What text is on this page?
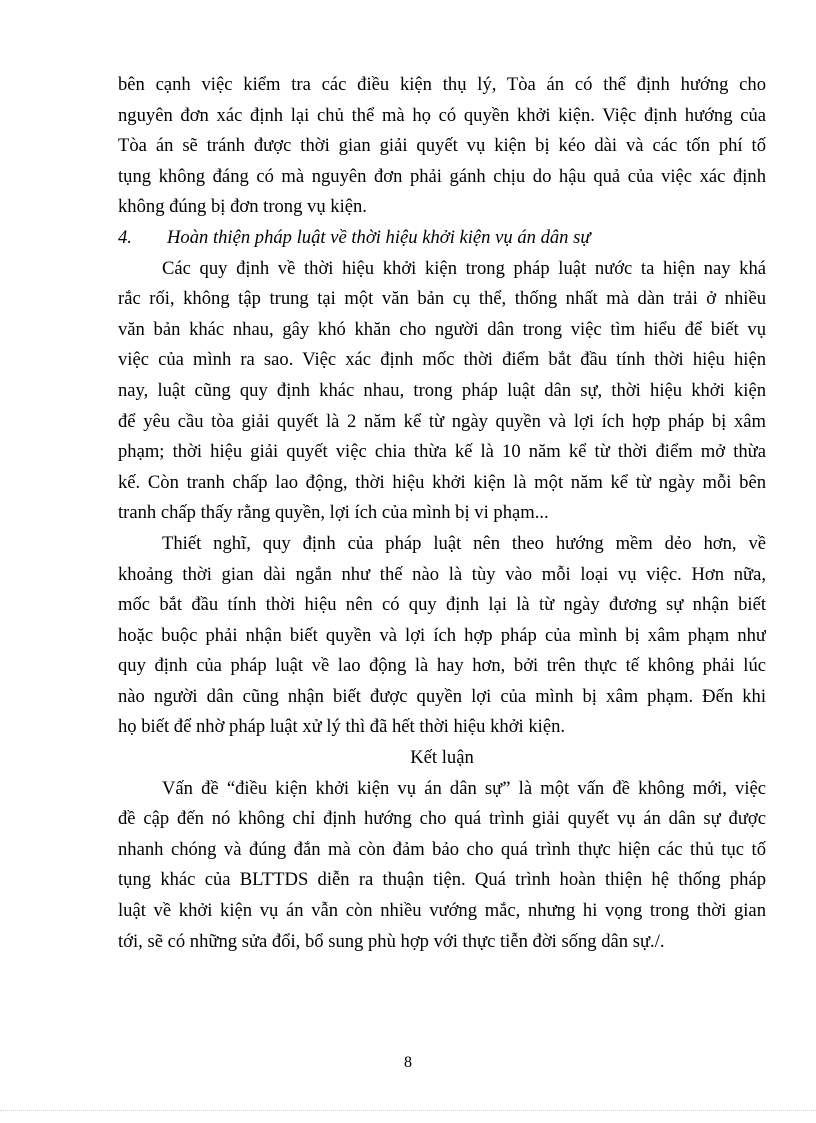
bên cạnh việc kiểm tra các điều kiện thụ lý, Tòa án có thể định hướng cho
nguyên đơn xác định lại chủ thể mà họ có quyền khởi kiện. Việc định hướng của
Tòa án sẽ tránh được thời gian giải quyết vụ kiện bị kéo dài và các tốn phí tố
tụng không đáng có mà nguyên đơn phải gánh chịu do hậu quả của việc xác định
không đúng bị đơn trong vụ kiện.
4. Hoàn thiện pháp luật về thời hiệu khởi kiện vụ án dân sự
Các quy định về thời hiệu khởi kiện trong pháp luật nước ta hiện nay khá
rắc rối, không tập trung tại một văn bản cụ thể, thống nhất mà dàn trải ở nhiều
văn bản khác nhau, gây khó khăn cho người dân trong việc tìm hiểu để biết vụ
việc của mình ra sao. Việc xác định mốc thời điểm bắt đầu tính thời hiệu hiện
nay, luật cũng quy định khác nhau, trong pháp luật dân sự, thời hiệu khởi kiện
để yêu cầu tòa giải quyết là 2 năm kể từ ngày quyền và lợi ích hợp pháp bị xâm
phạm; thời hiệu giải quyết việc chia thừa kế là 10 năm kể từ thời điểm mở thừa
kế. Còn tranh chấp lao động, thời hiệu khởi kiện là một năm kể từ ngày mỗi bên
tranh chấp thấy rằng quyền, lợi ích của mình bị vi phạm...
Thiết nghĩ, quy định của pháp luật nên theo hướng mềm dẻo hơn, về
khoảng thời gian dài ngắn như thế nào là tùy vào mỗi loại vụ việc. Hơn nữa,
mốc bắt đầu tính thời hiệu nên có quy định lại là từ ngày đương sự nhận biết
hoặc buộc phải nhận biết quyền và lợi ích hợp pháp của mình bị xâm phạm như
quy định của pháp luật về lao động là hay hơn, bởi trên thực tế không phải lúc
nào người dân cũng nhận biết được quyền lợi của mình bị xâm phạm. Đến khi
họ biết để nhờ pháp luật xử lý thì đã hết thời hiệu khởi kiện.
Kết luận
Vấn đề “điều kiện khởi kiện vụ án dân sự” là một vấn đề không mới, việc
đề cập đến nó không chỉ định hướng cho quá trình giải quyết vụ án dân sự được
nhanh chóng và đúng đắn mà còn đảm bảo cho quá trình thực hiện các thủ tục tố
tụng khác của BLTTDS diễn ra thuận tiện. Quá trình hoàn thiện hệ thống pháp
luật về khởi kiện vụ án vẫn còn nhiều vướng mắc, nhưng hi vọng trong thời gian
tới, sẽ có những sửa đổi, bổ sung phù hợp với thực tiễn đời sống dân sự./.
8
